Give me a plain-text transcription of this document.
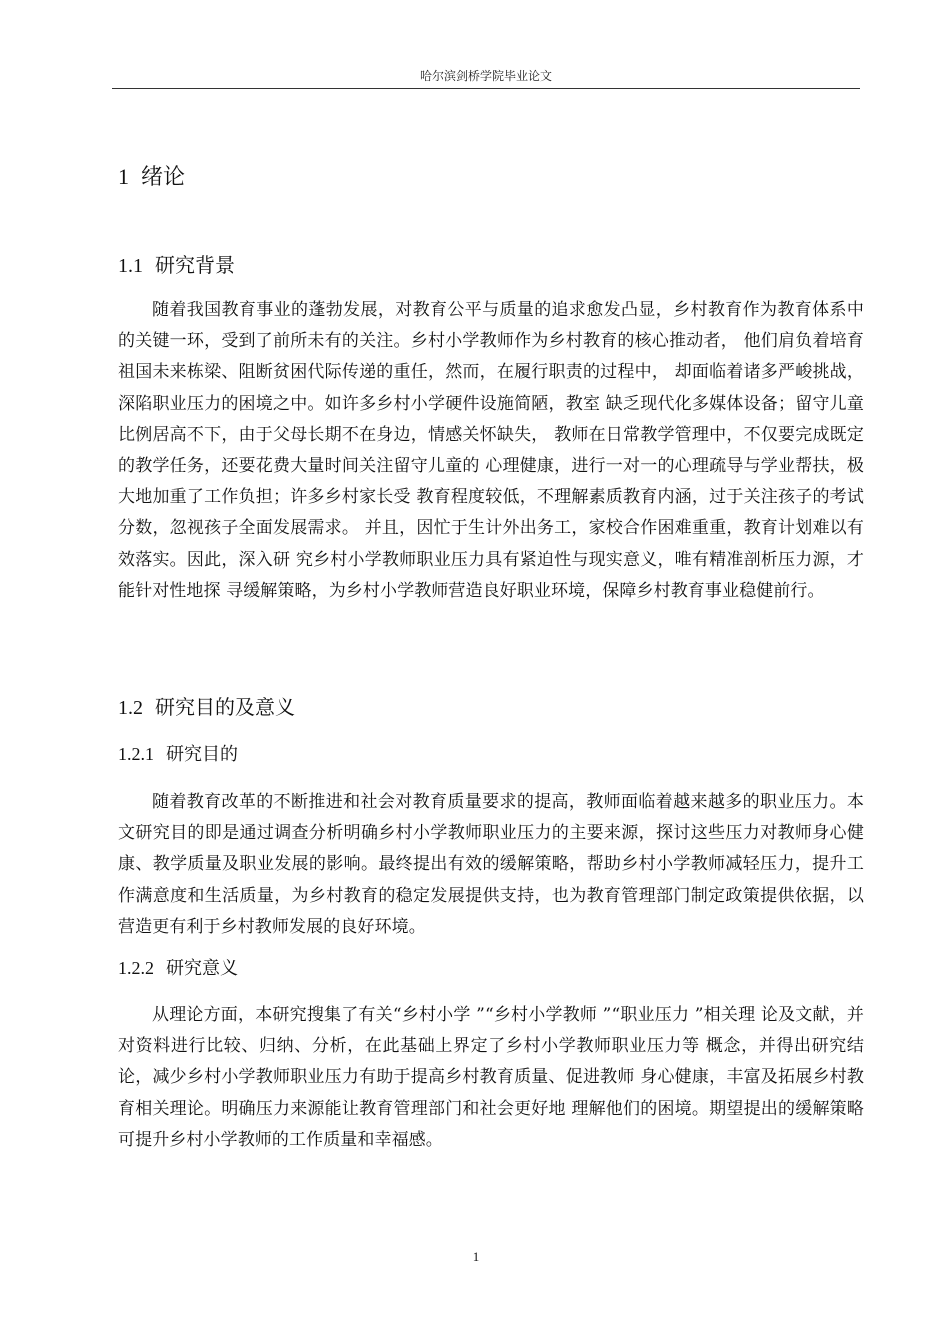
哈尔滨剑桥学院毕业论文
1 绪论
1.1 研究背景

随着我国教育事业的蓬勃发展，对教育公平与质量的追求愈发凸显，乡村教育作为教育体系中的关键一环，受到了前所未有的关注。乡村小学教师作为乡村教育的核心推动者， 他们肩负着培育祖国未来栋梁、阻断贫困代际传递的重任，然而，在履行职责的过程中， 却面临着诸多严峻挑战，深陷职业压力的困境之中。如许多乡村小学硬件设施简陋，教室 缺乏现代化多媒体设备；留守儿童比例居高不下，由于父母长期不在身边，情感关怀缺失， 教师在日常教学管理中，不仅要完成既定的教学任务，还要花费大量时间关注留守儿童的 心理健康，进行一对一的心理疏导与学业帮扶，极大地加重了工作负担；许多乡村家长受 教育程度较低，不理解素质教育内涵，过于关注孩子的考试分数，忽视孩子全面发展需求。 并且，因忙于生计外出务工，家校合作困难重重，教育计划难以有效落实。因此，深入研 究乡村小学教师职业压力具有紧迫性与现实意义，唯有精准剖析压力源，才能针对性地探 寻缓解策略，为乡村小学教师营造良好职业环境，保障乡村教育事业稳健前行。

1.2 研究目的及意义
1.2.1 研究目的

随着教育改革的不断推进和社会对教育质量要求的提高，教师面临着越来越多的职业压力。本文研究目的即是通过调查分析明确乡村小学教师职业压力的主要来源，探讨这些压力对教师身心健康、教学质量及职业发展的影响。最终提出有效的缓解策略，帮助乡村小学教师减轻压力，提升工作满意度和生活质量，为乡村教育的稳定发展提供支持，也为教育管理部门制定政策提供依据，以营造更有利于乡村教师发展的良好环境。

1.2.2 研究意义

从理论方面，本研究搜集了有关“乡村小学 ”“乡村小学教师 ”“职业压力 ”相关理 论及文献，并对资料进行比较、归纳、分析，在此基础上界定了乡村小学教师职业压力等 概念，并得出研究结论，减少乡村小学教师职业压力有助于提高乡村教育质量、促进教师 身心健康，丰富及拓展乡村教育相关理论。明确压力来源能让教育管理部门和社会更好地 理解他们的困境。期望提出的缓解策略可提升乡村小学教师的工作质量和幸福感。

1
